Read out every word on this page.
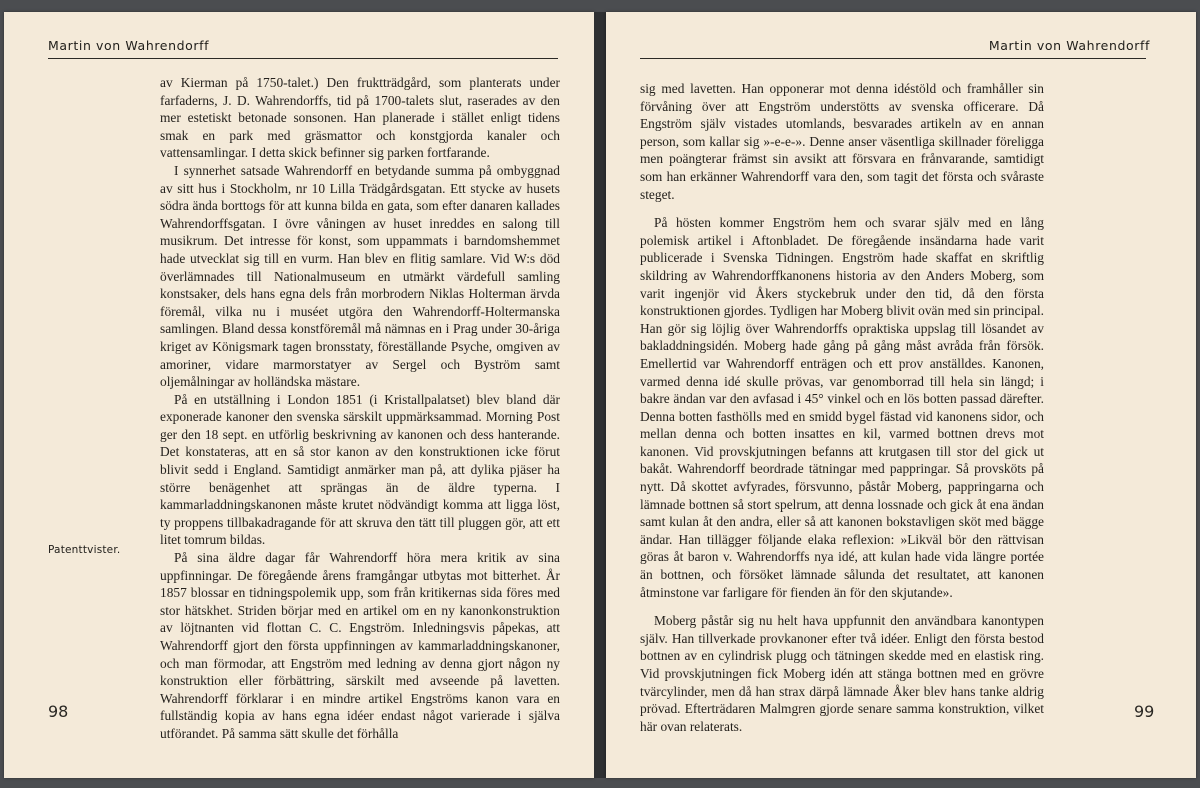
Martin von Wahrendorff
Patenttvister.

av Kierman på 1750-talet.) Den fruktträdgård, som planterats under farfaderns, J. D. Wahrendorffs, tid på 1700-talets slut, raserades av den mer estetiskt betonade sonsonen. Han planerade i stället enligt tidens smak en park med gräsmattor och konstgjorda kanaler och vattensamlingar. I detta skick befinner sig parken fortfarande.

I synnerhet satsade Wahrendorff en betydande summa på ombyggnad av sitt hus i Stockholm, nr 10 Lilla Trädgårdsgatan. Ett stycke av husets södra ända borttogs för att kunna bilda en gata, som efter danaren kallades Wahrendorffsgatan. I övre våningen av huset inreddes en salong till musikrum. Det intresse för konst, som uppammats i barndomshemmet hade utvecklat sig till en vurm. Han blev en flitig samlare. Vid W:s död överlämnades till Nationalmuseum en utmärkt värdefull samling konstsaker, dels hans egna dels från morbrodern Niklas Holterman ärvda föremål, vilka nu i muséet utgöra den Wahrendorff-Holtermanska samlingen. Bland dessa konstföremål må nämnas en i Prag under 30-åriga kriget av Königsmark tagen bronsstaty, föreställande Psyche, omgiven av amoriner, vidare marmorstatyer av Sergel och Byström samt oljemålningar av holländska mästare.

På en utställning i London 1851 (i Kristallpalatset) blev bland där exponerade kanoner den svenska särskilt uppmärksammad. Morning Post ger den 18 sept. en utförlig beskrivning av kanonen och dess hanterande. Det konstateras, att en så stor kanon av den konstruktionen icke förut blivit sedd i England. Samtidigt anmärker man på, att dylika pjäser ha större benägenhet att sprängas än de äldre typerna. I kammarladdningskanonen måste krutet nödvändigt komma att ligga löst, ty proppens tillbakadragande för att skruva den tätt till pluggen gör, att ett litet tomrum bildas.

På sina äldre dagar får Wahrendorff höra mera kritik av sina uppfinningar. De föregående årens framgångar utbytas mot bitterhet. År 1857 blossar en tidningspolemik upp, som från kritikernas sida föres med stor hätskhet. Striden börjar med en artikel om en ny kanonkonstruktion av löjtnanten vid flottan C. C. Engström. Inledningsvis påpekas, att Wahrendorff gjort den första uppfinningen av kammarladdningskanoner, och man förmodar, att Engström med ledning av denna gjort någon ny konstruktion eller förbättring, särskilt med avseende på lavetten. Wahrendorff förklarar i en mindre artikel Engströms kanon vara en fullständig kopia av hans egna idéer endast något varierade i själva utförandet. På samma sätt skulle det förhålla

98
Martin von Wahrendorff

sig med lavetten. Han opponerar mot denna idéstöld och framhåller sin förvåning över att Engström understötts av svenska officerare. Då Engström själv vistades utomlands, besvarades artikeln av en annan person, som kallar sig »-e-e-». Denne anser väsentliga skillnader föreligga men poängterar främst sin avsikt att försvara en frånvarande, samtidigt som han erkänner Wahrendorff vara den, som tagit det första och svåraste steget.

På hösten kommer Engström hem och svarar själv med en lång polemisk artikel i Aftonbladet. De föregående insändarna hade varit publicerade i Svenska Tidningen. Engström hade skaffat en skriftlig skildring av Wahrendorffkanonens historia av den Anders Moberg, som varit ingenjör vid Åkers styckebruk under den tid, då den första konstruktionen gjordes. Tydligen har Moberg blivit ovän med sin principal. Han gör sig löjlig över Wahrendorffs opraktiska uppslag till lösandet av bakladdningsidén. Moberg hade gång på gång måst avråda från försök. Emellertid var Wahrendorff enträgen och ett prov anställdes. Kanonen, varmed denna idé skulle prövas, var genomborrad till hela sin längd; i bakre ändan var den avfasad i 45° vinkel och en lös botten passad därefter. Denna botten fasthölls med en smidd bygel fästad vid kanonens sidor, och mellan denna och botten insattes en kil, varmed bottnen drevs mot kanonen. Vid provskjutningen befanns att krutgasen till stor del gick ut bakåt. Wahrendorff beordrade tätningar med pappringar. Så provsköts på nytt. Då skottet avfyrades, försvunno, påstår Moberg, pappringarna och lämnade bottnen så stort spelrum, att denna lossnade och gick åt ena ändan samt kulan åt den andra, eller så att kanonen bokstavligen sköt med bägge ändar. Han tillägger följande elaka reflexion: »Likväl bör den rättvisan göras åt baron v. Wahrendorffs nya idé, att kulan hade vida längre portée än bottnen, och försöket lämnade sålunda det resultatet, att kanonen åtminstone var farligare för fienden än för den skjutande».

Moberg påstår sig nu helt hava uppfunnit den användbara kanontypen själv. Han tillverkade provkanoner efter två idéer. Enligt den första bestod bottnen av en cylindrisk plugg och tätningen skedde med en elastisk ring. Vid provskjutningen fick Moberg idén att stänga bottnen med en grövre tvärcylinder, men då han strax därpå lämnade Åker blev hans tanke aldrig prövad. Efterträdaren Malmgren gjorde senare samma konstruktion, vilket här ovan relaterats.

99
